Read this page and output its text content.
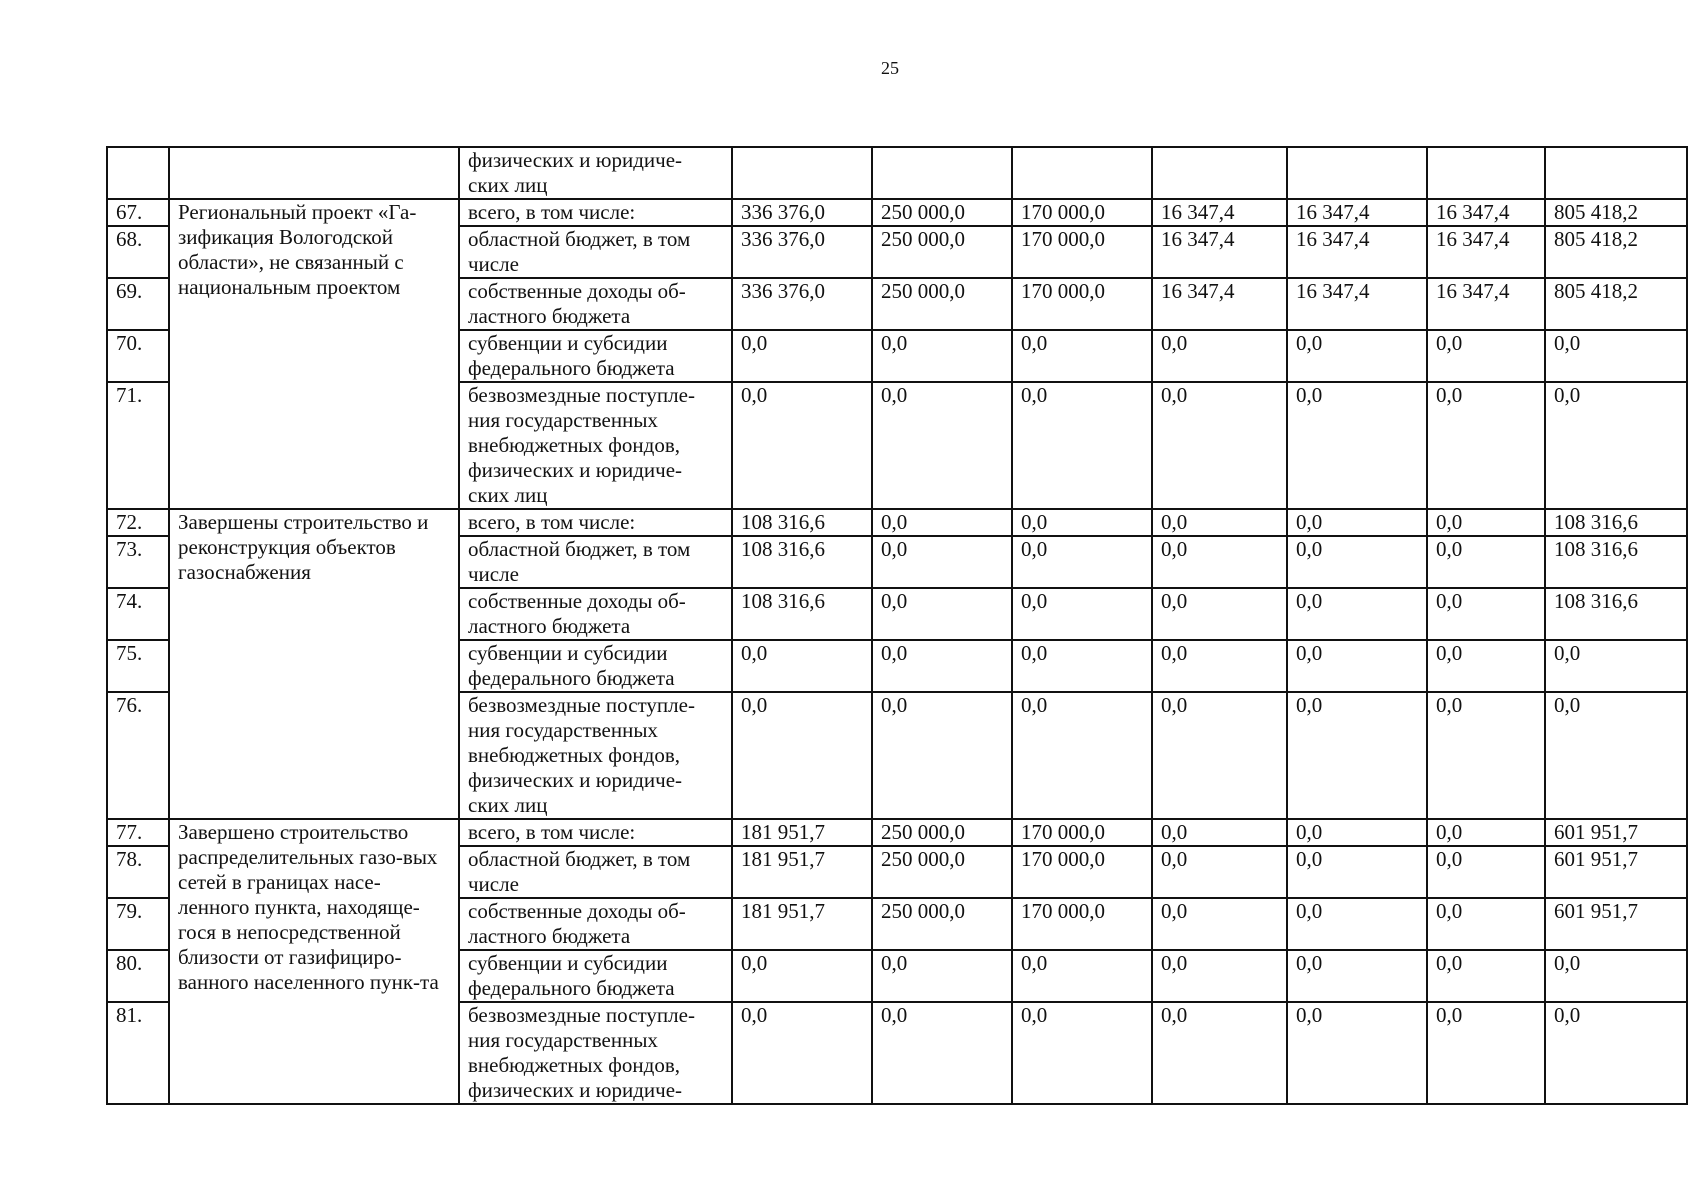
25
		физических и юридиче-ских лиц							
67.	Региональный проект «Га-зификация Вологодской области», не связанный с национальным проектом	всего, в том числе:	336 376,0	250 000,0	170 000,0	16 347,4	16 347,4	16 347,4	805 418,2
68.		областной бюджет, в том числе	336 376,0	250 000,0	170 000,0	16 347,4	16 347,4	16 347,4	805 418,2
69.		собственные доходы об-ластного бюджета	336 376,0	250 000,0	170 000,0	16 347,4	16 347,4	16 347,4	805 418,2
70.		субвенции и субсидии федерального бюджета	0,0	0,0	0,0	0,0	0,0	0,0	0,0
71.		безвозмездные поступле-ния государственных внебюджетных фондов, физических и юридиче-ских лиц	0,0	0,0	0,0	0,0	0,0	0,0	0,0
72.	Завершены строительство и реконструкция объектов газоснабжения	всего, в том числе:	108 316,6	0,0	0,0	0,0	0,0	0,0	108 316,6
73.		областной бюджет, в том числе	108 316,6	0,0	0,0	0,0	0,0	0,0	108 316,6
74.		собственные доходы об-ластного бюджета	108 316,6	0,0	0,0	0,0	0,0	0,0	108 316,6
75.		субвенции и субсидии федерального бюджета	0,0	0,0	0,0	0,0	0,0	0,0	0,0
76.		безвозмездные поступле-ния государственных внебюджетных фондов, физических и юридиче-ских лиц	0,0	0,0	0,0	0,0	0,0	0,0	0,0
77.	Завершено строительство распределительных газо-вых сетей в границах насе-ленного пункта, находяще-гося в непосредственной близости от газифициро-ванного населенного пунк-та	всего, в том числе:	181 951,7	250 000,0	170 000,0	0,0	0,0	0,0	601 951,7
78.		областной бюджет, в том числе	181 951,7	250 000,0	170 000,0	0,0	0,0	0,0	601 951,7
79.		собственные доходы об-ластного бюджета	181 951,7	250 000,0	170 000,0	0,0	0,0	0,0	601 951,7
80.		субвенции и субсидии федерального бюджета	0,0	0,0	0,0	0,0	0,0	0,0	0,0
81.		безвозмездные поступле-ния государственных внебюджетных фондов, физических и юридиче-	0,0	0,0	0,0	0,0	0,0	0,0	0,0
